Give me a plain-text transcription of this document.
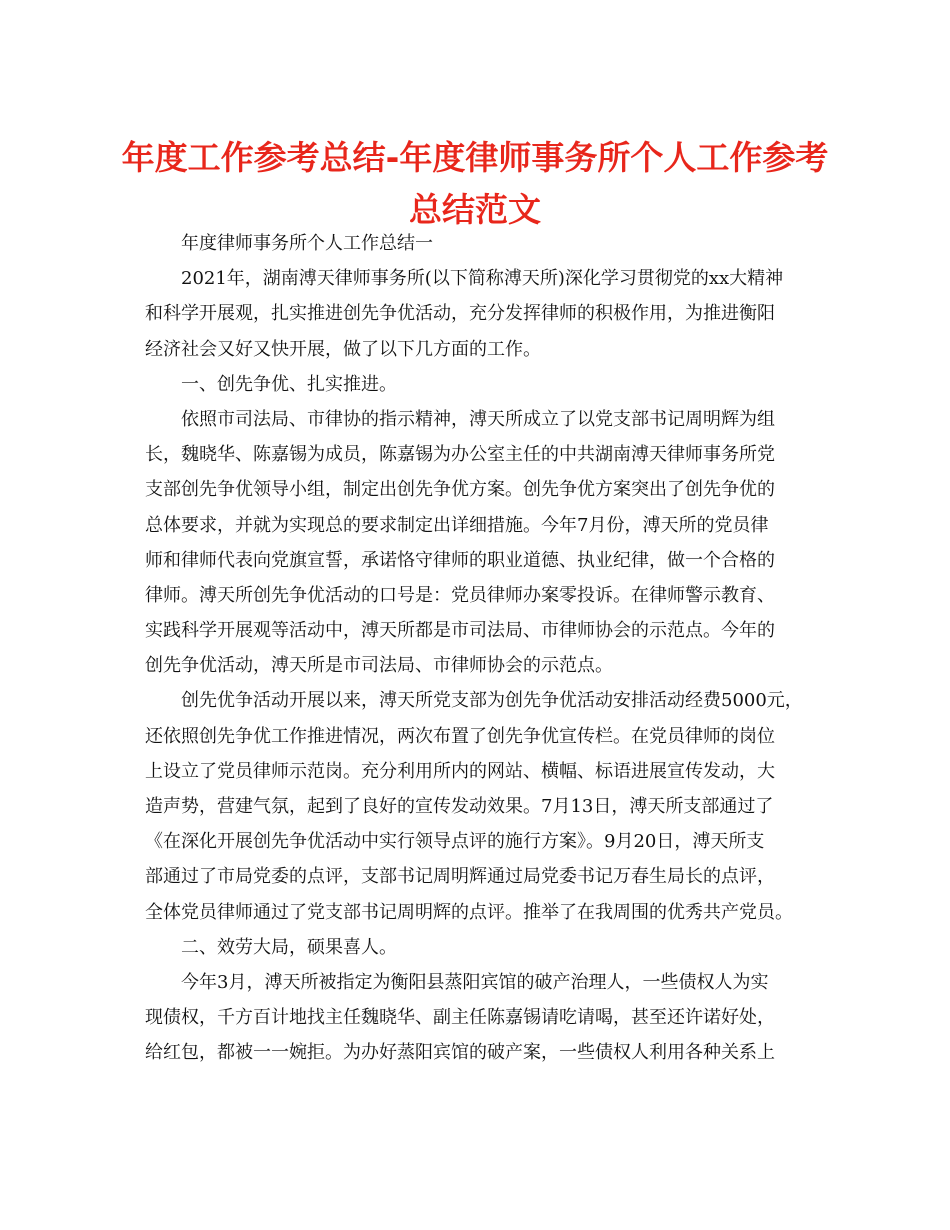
年度工作参考总结-年度律师事务所个人工作参考
总结范文
年度律师事务所个人工作总结一
2021年，湖南溥天律师事务所(以下简称溥天所)深化学习贯彻党的xx大精神
和科学开展观，扎实推进创先争优活动，充分发挥律师的积极作用，为推进衡阳
经济社会又好又快开展，做了以下几方面的工作。
一、创先争优、扎实推进。
依照市司法局、市律协的指示精神，溥天所成立了以党支部书记周明辉为组
长，魏晓华、陈嘉锡为成员，陈嘉锡为办公室主任的中共湖南溥天律师事务所党
支部创先争优领导小组，制定出创先争优方案。创先争优方案突出了创先争优的
总体要求，并就为实现总的要求制定出详细措施。今年7月份，溥天所的党员律
师和律师代表向党旗宣誓，承诺恪守律师的职业道德、执业纪律，做一个合格的
律师。溥天所创先争优活动的口号是：党员律师办案零投诉。在律师警示教育、
实践科学开展观等活动中，溥天所都是市司法局、市律师协会的示范点。今年的
创先争优活动，溥天所是市司法局、市律师协会的示范点。
创先优争活动开展以来，溥天所党支部为创先争优活动安排活动经费5000元，
还依照创先争优工作推进情况，两次布置了创先争优宣传栏。在党员律师的岗位
上设立了党员律师示范岗。充分利用所内的网站、横幅、标语进展宣传发动，大
造声势，营建气氛，起到了良好的宣传发动效果。7月13日，溥天所支部通过了
《在深化开展创先争优活动中实行领导点评的施行方案》。9月20日，溥天所支
部通过了市局党委的点评，支部书记周明辉通过局党委书记万春生局长的点评，
全体党员律师通过了党支部书记周明辉的点评。推举了在我周围的优秀共产党员。
二、效劳大局，硕果喜人。
今年3月，溥天所被指定为衡阳县蒸阳宾馆的破产治理人，一些债权人为实
现债权，千方百计地找主任魏晓华、副主任陈嘉锡请吃请喝，甚至还许诺好处，
给红包，都被一一婉拒。为办好蒸阳宾馆的破产案，一些债权人利用各种关系上
